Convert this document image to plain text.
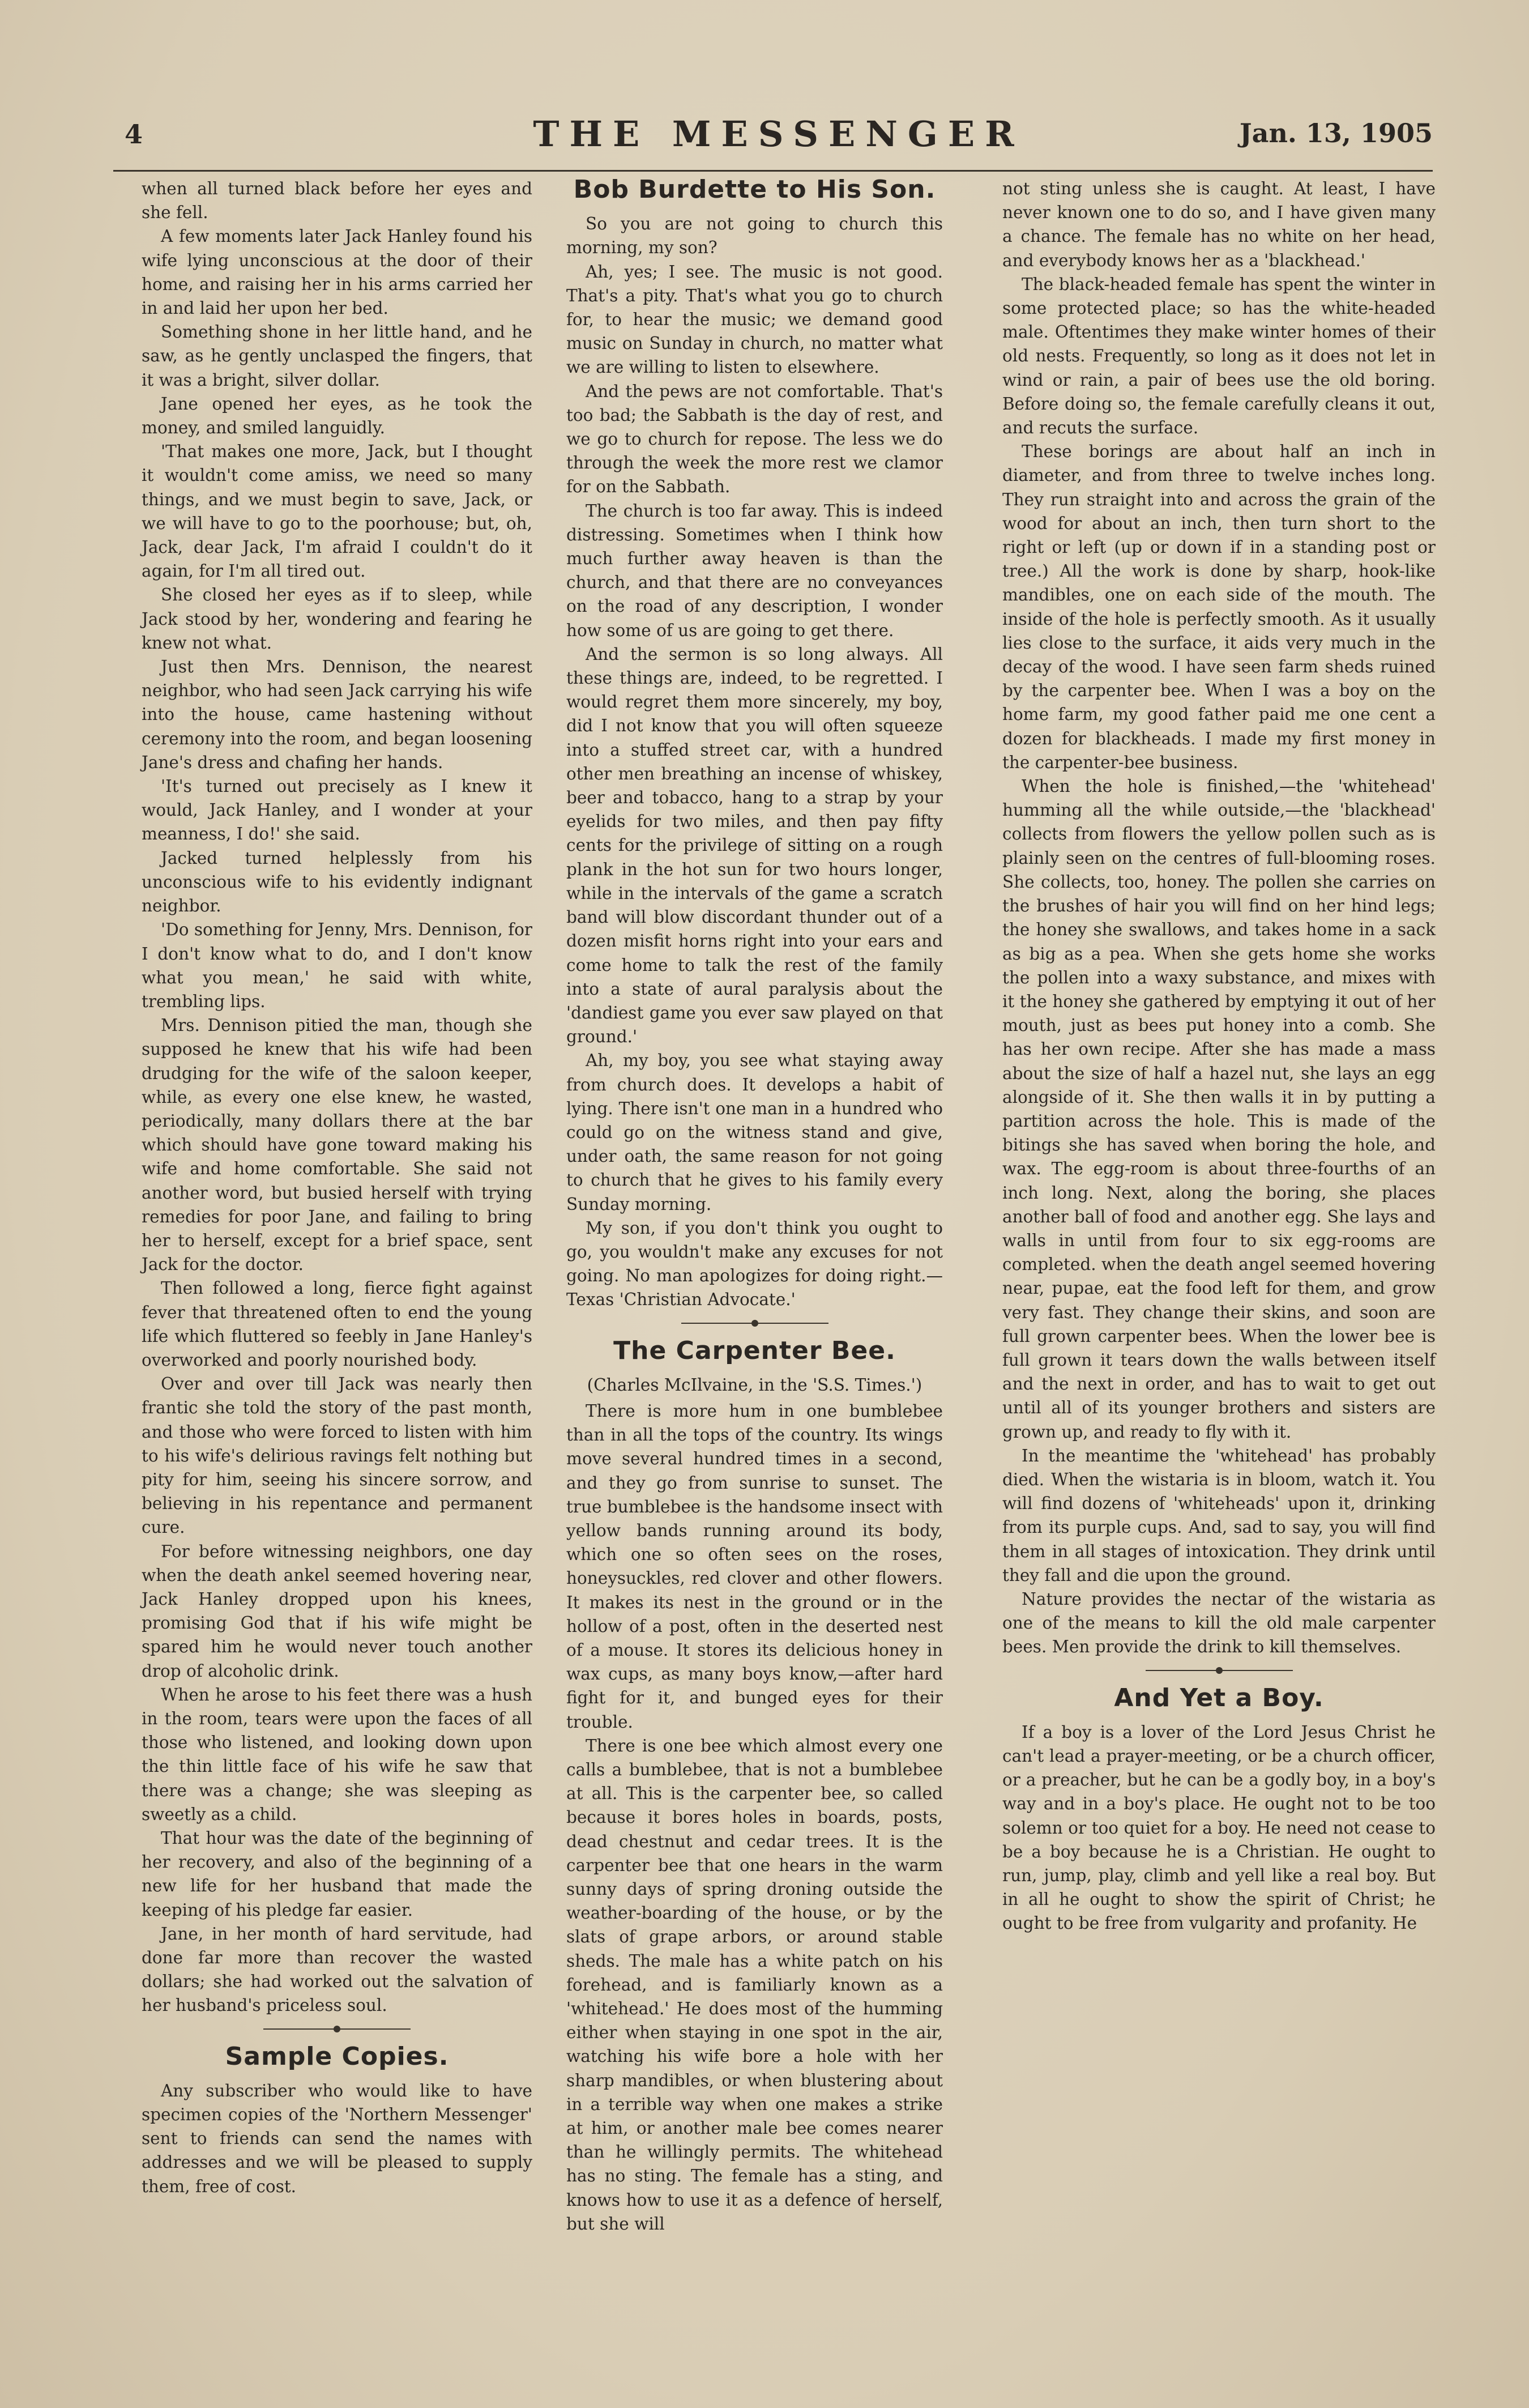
4	THE MESSENGER	Jan. 13, 1905

when all turned black before her eyes and she fell.

A few moments later Jack Hanley found his wife lying unconscious at the door of their home, and raising her in his arms carried her in and laid her upon her bed.

Something shone in her little hand, and he saw, as he gently unclasped the fingers, that it was a bright, silver dollar.

Jane opened her eyes, as he took the money, and smiled languidly.

'That makes one more, Jack, but I thought it wouldn't come amiss, we need so many things, and we must begin to save, Jack, or we will have to go to the poorhouse; but, oh, Jack, dear Jack, I'm afraid I couldn't do it again, for I'm all tired out.

She closed her eyes as if to sleep, while Jack stood by her, wondering and fearing he knew not what.

Just then Mrs. Dennison, the nearest neighbor, who had seen Jack carrying his wife into the house, came hastening without ceremony into the room, and began loosening Jane's dress and chafing her hands.

'It's turned out precisely as I knew it would, Jack Hanley, and I wonder at your meanness, I do!' she said.

Jacked turned helplessly from his unconscious wife to his evidently indignant neighbor.

'Do something for Jenny, Mrs. Dennison, for I don't know what to do, and I don't know what you mean,' he said with white, trembling lips.

Mrs. Dennison pitied the man, though she supposed he knew that his wife had been drudging for the wife of the saloon keeper, while, as every one else knew, he wasted, periodically, many dollars there at the bar which should have gone toward making his wife and home comfortable. She said not another word, but busied herself with trying remedies for poor Jane, and failing to bring her to herself, except for a brief space, sent Jack for the doctor.

Then followed a long, fierce fight against fever that threatened often to end the young life which fluttered so feebly in Jane Hanley's overworked and poorly nourished body.

Over and over till Jack was nearly then frantic she told the story of the past month, and those who were forced to listen with him to his wife's delirious ravings felt nothing but pity for him, seeing his sincere sorrow, and believing in his repentance and permanent cure.

For before witnessing neighbors, one day when the death ankel seemed hovering near, Jack Hanley dropped upon his knees, promising God that if his wife might be spared him he would never touch another drop of alcoholic drink.

When he arose to his feet there was a hush in the room, tears were upon the faces of all those who listened, and looking down upon the thin little face of his wife he saw that there was a change; she was sleeping as sweetly as a child.

That hour was the date of the beginning of her recovery, and also of the beginning of a new life for her husband that made the keeping of his pledge far easier.

Jane, in her month of hard servitude, had done far more than recover the wasted dollars; she had worked out the salvation of her husband's priceless soul.

Sample Copies.

Any subscriber who would like to have specimen copies of the 'Northern Messenger' sent to friends can send the names with addresses and we will be pleased to supply them, free of cost.

Bob Burdette to His Son.

So you are not going to church this morning, my son?

Ah, yes; I see. The music is not good. That's a pity. That's what you go to church for, to hear the music; we demand good music on Sunday in church, no matter what we are willing to listen to elsewhere.

And the pews are not comfortable. That's too bad; the Sabbath is the day of rest, and we go to church for repose. The less we do through the week the more rest we clamor for on the Sabbath.

The church is too far away. This is indeed distressing. Sometimes when I think how much further away heaven is than the church, and that there are no conveyances on the road of any description, I wonder how some of us are going to get there.

And the sermon is so long always. All these things are, indeed, to be regretted. I would regret them more sincerely, my boy, did I not know that you will often squeeze into a stuffed street car, with a hundred other men breathing an incense of whiskey, beer and tobacco, hang to a strap by your eyelids for two miles, and then pay fifty cents for the privilege of sitting on a rough plank in the hot sun for two hours longer, while in the intervals of the game a scratch band will blow discordant thunder out of a dozen misfit horns right into your ears and come home to talk the rest of the family into a state of aural paralysis about the 'dandiest game you ever saw played on that ground.'

Ah, my boy, you see what staying away from church does. It develops a habit of lying. There isn't one man in a hundred who could go on the witness stand and give, under oath, the same reason for not going to church that he gives to his family every Sunday morning.

My son, if you don't think you ought to go, you wouldn't make any excuses for not going. No man apologizes for doing right.—Texas 'Christian Advocate.'

The Carpenter Bee.

(Charles McIlvaine, in the 'S.S. Times.')

There is more hum in one bumblebee than in all the tops of the country. Its wings move several hundred times in a second, and they go from sunrise to sunset. The true bumblebee is the handsome insect with yellow bands running around its body, which one so often sees on the roses, honeysuckles, red clover and other flowers. It makes its nest in the ground or in the hollow of a post, often in the deserted nest of a mouse. It stores its delicious honey in wax cups, as many boys know,—after hard fight for it, and bunged eyes for their trouble.

There is one bee which almost every one calls a bumblebee, that is not a bumblebee at all. This is the carpenter bee, so called because it bores holes in boards, posts, dead chestnut and cedar trees. It is the carpenter bee that one hears in the warm sunny days of spring droning outside the weather-boarding of the house, or by the slats of grape arbors, or around stable sheds. The male has a white patch on his forehead, and is familiarly known as a 'whitehead.' He does most of the humming either when staying in one spot in the air, watching his wife bore a hole with her sharp mandibles, or when blustering about in a terrible way when one makes a strike at him, or another male bee comes nearer than he willingly permits. The whitehead has no sting. The female has a sting, and knows how to use it as a defence of herself, but she will

not sting unless she is caught. At least, I have never known one to do so, and I have given many a chance. The female has no white on her head, and everybody knows her as a 'blackhead.'

The black-headed female has spent the winter in some protected place; so has the white-headed male. Oftentimes they make winter homes of their old nests. Frequently, so long as it does not let in wind or rain, a pair of bees use the old boring. Before doing so, the female carefully cleans it out, and recuts the surface.

These borings are about half an inch in diameter, and from three to twelve inches long. They run straight into and across the grain of the wood for about an inch, then turn short to the right or left (up or down if in a standing post or tree.) All the work is done by sharp, hook-like mandibles, one on each side of the mouth. The inside of the hole is perfectly smooth. As it usually lies close to the surface, it aids very much in the decay of the wood. I have seen farm sheds ruined by the carpenter bee. When I was a boy on the home farm, my good father paid me one cent a dozen for blackheads. I made my first money in the carpenter-bee business.

When the hole is finished,—the 'whitehead' humming all the while outside,—the 'blackhead' collects from flowers the yellow pollen such as is plainly seen on the centres of full-blooming roses. She collects, too, honey. The pollen she carries on the brushes of hair you will find on her hind legs; the honey she swallows, and takes home in a sack as big as a pea. When she gets home she works the pollen into a waxy substance, and mixes with it the honey she gathered by emptying it out of her mouth, just as bees put honey into a comb. She has her own recipe. After she has made a mass about the size of half a hazel nut, she lays an egg alongside of it. She then walls it in by putting a partition across the hole. This is made of the bitings she has saved when boring the hole, and wax. The egg-room is about three-fourths of an inch long. Next, along the boring, she places another ball of food and another egg. She lays and walls in until from four to six egg-rooms are completed. when the death angel seemed hovering near, pupae, eat the food left for them, and grow very fast. They change their skins, and soon are full grown carpenter bees. When the lower bee is full grown it tears down the walls between itself and the next in order, and has to wait to get out until all of its younger brothers and sisters are grown up, and ready to fly with it.

In the meantime the 'whitehead' has probably died. When the wistaria is in bloom, watch it. You will find dozens of 'whiteheads' upon it, drinking from its purple cups. And, sad to say, you will find them in all stages of intoxication. They drink until they fall and die upon the ground.

Nature provides the nectar of the wistaria as one of the means to kill the old male carpenter bees. Men provide the drink to kill themselves.

And Yet a Boy.

If a boy is a lover of the Lord Jesus Christ he can't lead a prayer-meeting, or be a church officer, or a preacher, but he can be a godly boy, in a boy's way and in a boy's place. He ought not to be too solemn or too quiet for a boy. He need not cease to be a boy because he is a Christian. He ought to run, jump, play, climb and yell like a real boy. But in all he ought to show the spirit of Christ; he ought to be free from vulgarity and profanity. He
